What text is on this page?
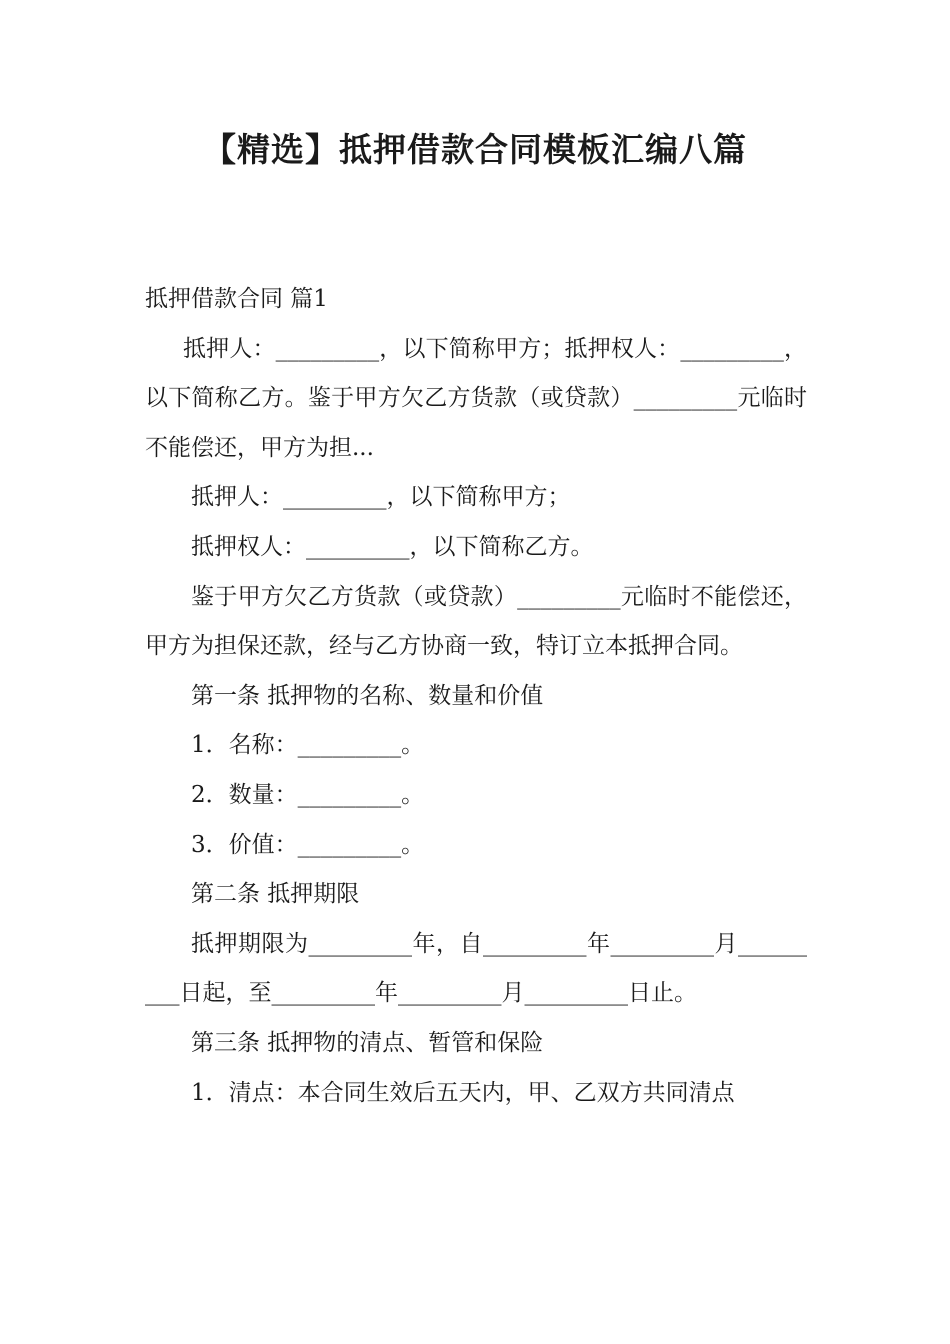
【精选】抵押借款合同模板汇编八篇

抵押借款合同 篇1

抵押人：_________，以下简称甲方；抵押权人：_________，以下简称乙方。鉴于甲方欠乙方货款（或贷款）_________元临时不能偿还，甲方为担...

抵押人：_________，以下简称甲方；

抵押权人：_________，以下简称乙方。

鉴于甲方欠乙方货款（或贷款）_________元临时不能偿还，甲方为担保还款，经与乙方协商一致，特订立本抵押合同。

第一条 抵押物的名称、数量和价值

1．名称：_________。

2．数量：_________。

3．价值：_________。

第二条 抵押期限

抵押期限为_________年，自_________年_________月_________日起，至_________年_________月_________日止。

第三条 抵押物的清点、暂管和保险

1．清点：本合同生效后五天内，甲、乙双方共同清点
